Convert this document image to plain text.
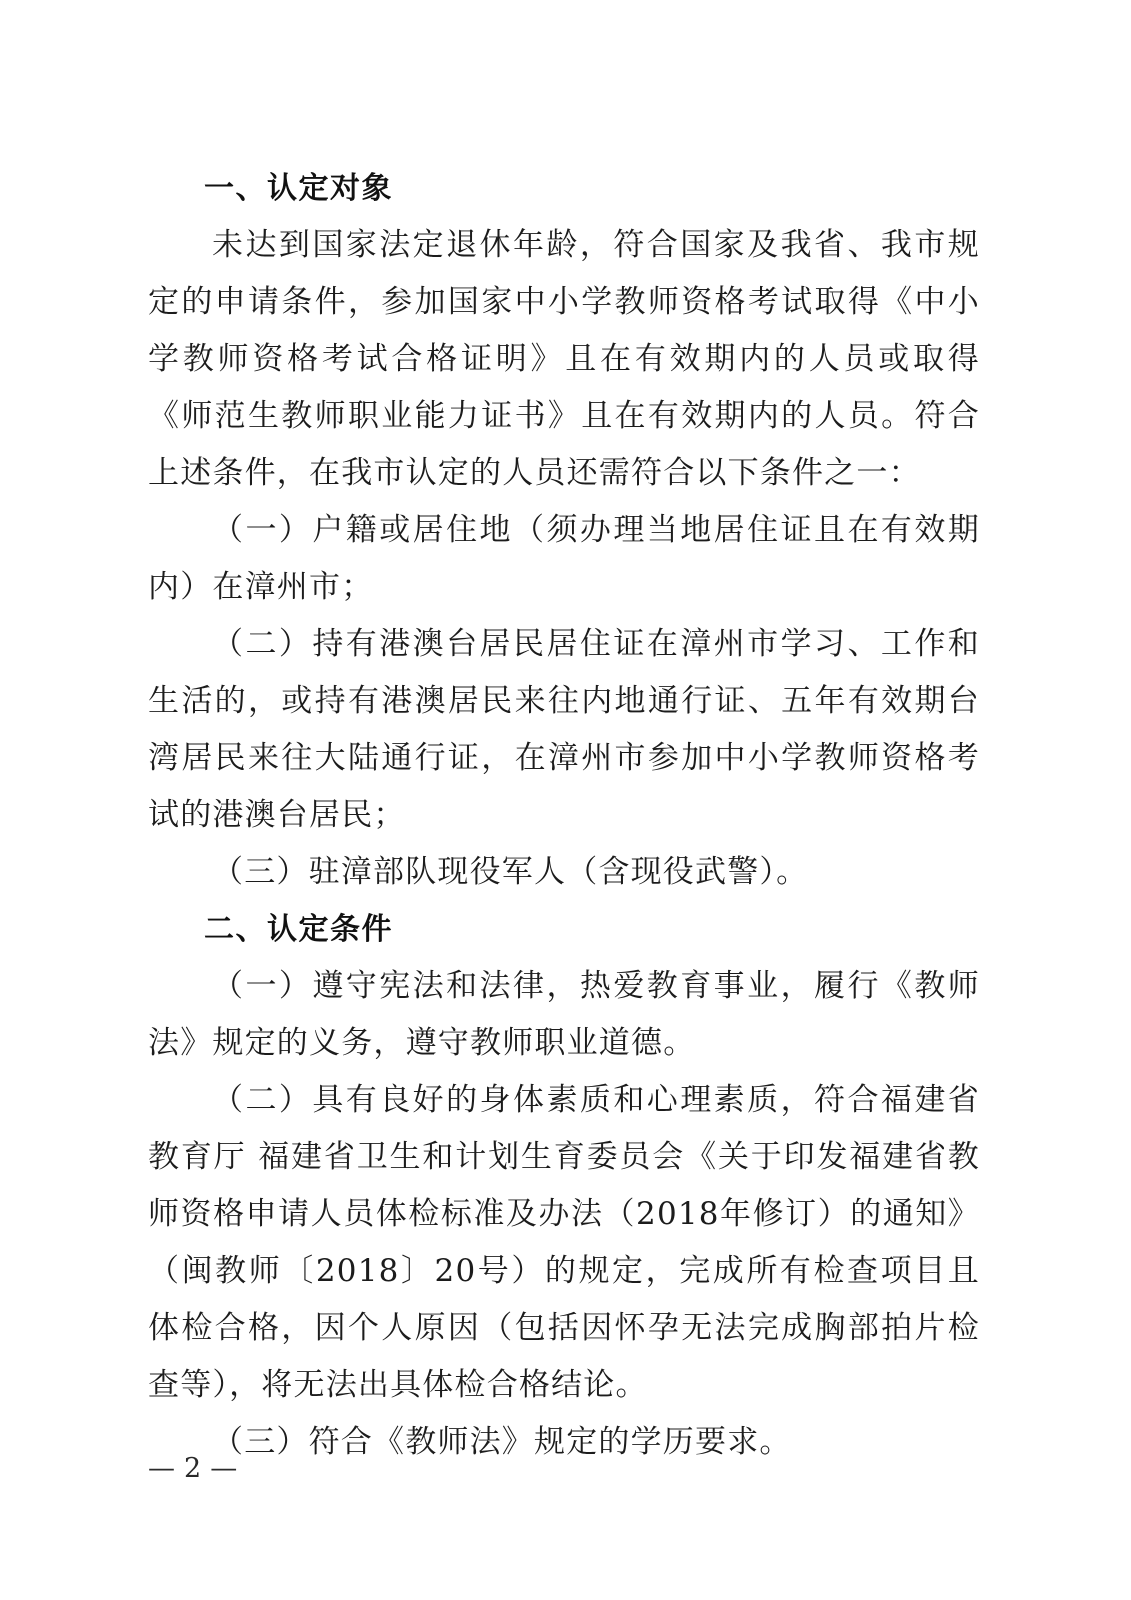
一、认定对象

未达到国家法定退休年龄，符合国家及我省、我市规定的申请条件，参加国家中小学教师资格考试取得《中小学教师资格考试合格证明》且在有效期内的人员或取得《师范生教师职业能力证书》且在有效期内的人员。符合上述条件，在我市认定的人员还需符合以下条件之一：

（一）户籍或居住地（须办理当地居住证且在有效期内）在漳州市；

（二）持有港澳台居民居住证在漳州市学习、工作和生活的，或持有港澳居民来往内地通行证、五年有效期台湾居民来往大陆通行证，在漳州市参加中小学教师资格考试的港澳台居民；

（三）驻漳部队现役军人（含现役武警）。

二、认定条件

（一）遵守宪法和法律，热爱教育事业，履行《教师法》规定的义务，遵守教师职业道德。

（二）具有良好的身体素质和心理素质，符合福建省教育厅 福建省卫生和计划生育委员会《关于印发福建省教师资格申请人员体检标准及办法（2018年修订）的通知》（闽教师〔2018〕20号）的规定，完成所有检查项目且体检合格，因个人原因（包括因怀孕无法完成胸部拍片检查等），将无法出具体检合格结论。

（三）符合《教师法》规定的学历要求。

— 2 —
